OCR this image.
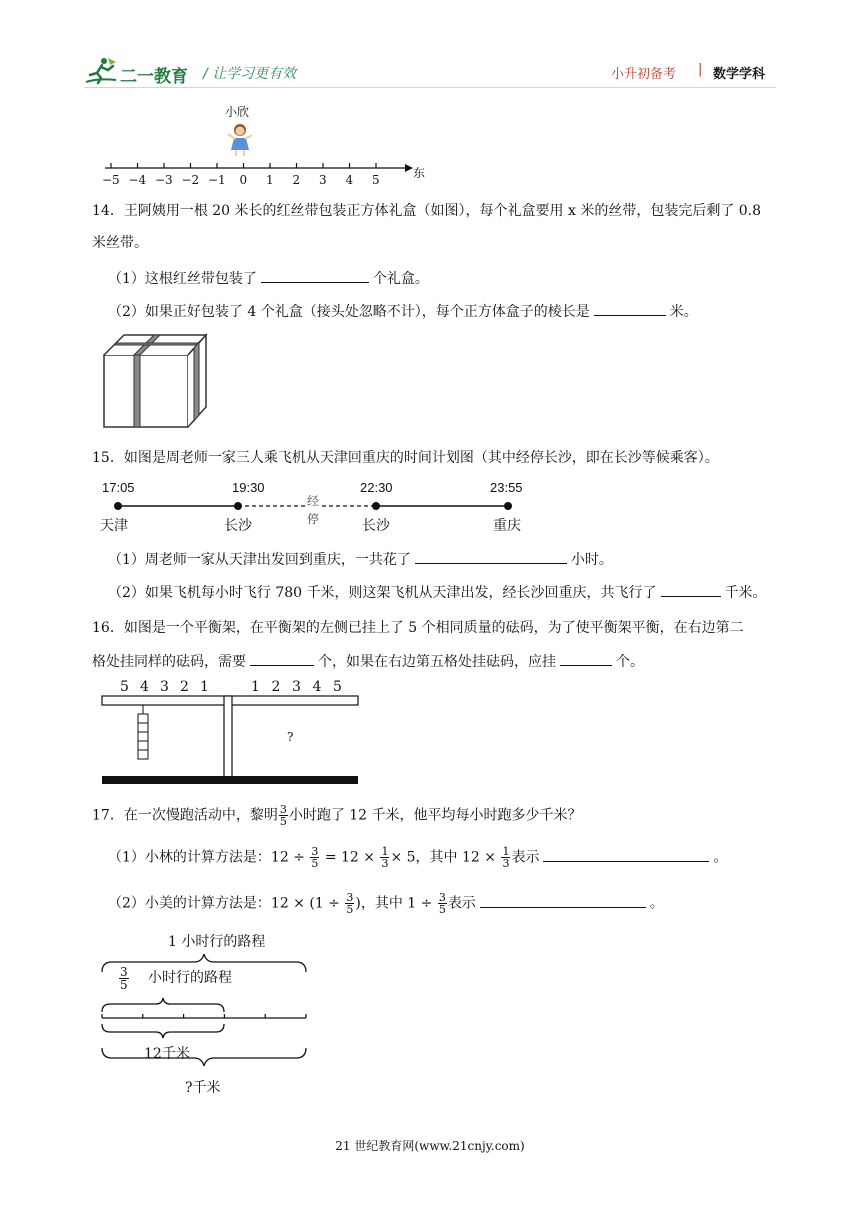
二一教育 / 让学习更有效	小升初备考 | 数学学科
小欣
−5 −4 −3 −2 −1 0 1 2 3 4 5	东
14．王阿姨用一根 20 米长的红丝带包装正方体礼盒（如图），每个礼盒要用 x 米的丝带，包装完后剩了 0.8
米丝带。
（1）这根红丝带包装了	个礼盒。
（2）如果正好包装了 4 个礼盒（接头处忽略不计），每个正方体盒子的棱长是	米。
15．如图是周老师一家三人乘飞机从天津回重庆的时间计划图（其中经停长沙，即在长沙等候乘客）。
17:05	19:30	22:30	23:55
经
停
天津	长沙	长沙	重庆
（1）周老师一家从天津出发回到重庆，一共花了	小时。
（2）如果飞机每小时飞行 780 千米，则这架飞机从天津出发，经长沙回重庆，共飞行了	千米。
16．如图是一个平衡架，在平衡架的左侧已挂上了 5 个相同质量的砝码，为了使平衡架平衡，在右边第二
格处挂同样的砝码，需要	个，如果在右边第五格处挂砝码，应挂	个。
5 4 3 2 1	1 2 3 4 5
?
17．在一次慢跑活动中，黎明 $\frac{3}{5}$ 小时跑了 12 千米，他平均每小时跑多少千米？
（1）小林的计算方法是：$12 \div \frac{3}{5} = 12 \times \frac{1}{3} \times 5$，其中 $12 \times \frac{1}{3}$ 表示	。
（2）小美的计算方法是：$12 \times (1 \div \frac{3}{5}$ )，其中 $1 \div \frac{3}{5}$ 表示	。
1 小时行的路程
$\frac{3}{5}$ 小时行的路程
12千米
?千米
21 世纪教育网(www.21cnjy.com)
